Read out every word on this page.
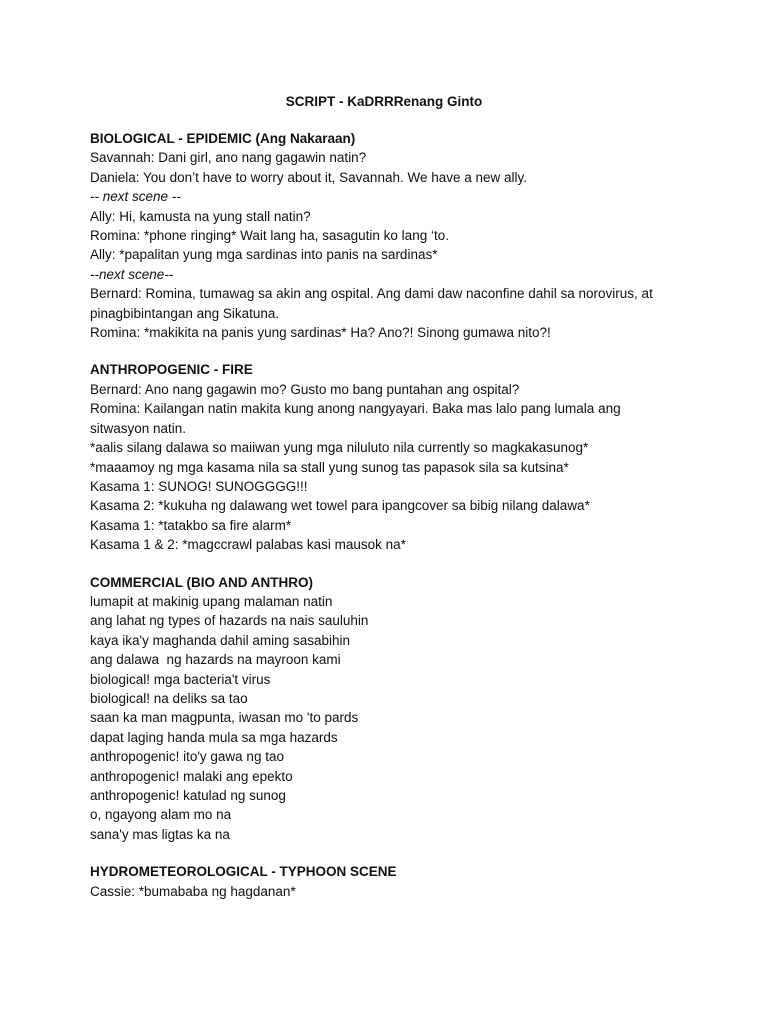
SCRIPT - KaDRRRenang Ginto
BIOLOGICAL - EPIDEMIC (Ang Nakaraan)
Savannah: Dani girl, ano nang gagawin natin?
Daniela: You don’t have to worry about it, Savannah. We have a new ally.
-- next scene --
Ally: Hi, kamusta na yung stall natin?
Romina: *phone ringing* Wait lang ha, sasagutin ko lang ‘to.
Ally: *papalitan yung mga sardinas into panis na sardinas*
--next scene--
Bernard: Romina, tumawag sa akin ang ospital. Ang dami daw naconfine dahil sa norovirus, at
pinagbibintangan ang Sikatuna.
Romina: *makikita na panis yung sardinas* Ha? Ano?! Sinong gumawa nito?!
ANTHROPOGENIC - FIRE
Bernard: Ano nang gagawin mo? Gusto mo bang puntahan ang ospital?
Romina: Kailangan natin makita kung anong nangyayari. Baka mas lalo pang lumala ang
sitwasyon natin.
*aalis silang dalawa so maiiwan yung mga niluluto nila currently so magkakasunog*
*maaamoy ng mga kasama nila sa stall yung sunog tas papasok sila sa kutsina*
Kasama 1: SUNOG! SUNOGGGG!!!
Kasama 2: *kukuha ng dalawang wet towel para ipangcover sa bibig nilang dalawa*
Kasama 1: *tatakbo sa fire alarm*
Kasama 1 & 2: *magccrawl palabas kasi mausok na*
COMMERCIAL (BIO AND ANTHRO)
lumapit at makinig upang malaman natin
ang lahat ng types of hazards na nais sauluhin
kaya ika'y maghanda dahil aming sasabihin
ang dalawa  ng hazards na mayroon kami
biological! mga bacteria't virus
biological! na deliks sa tao
saan ka man magpunta, iwasan mo 'to pards
dapat laging handa mula sa mga hazards
anthropogenic! ito'y gawa ng tao
anthropogenic! malaki ang epekto
anthropogenic! katulad ng sunog
o, ngayong alam mo na
sana'y mas ligtas ka na
HYDROMETEOROLOGICAL - TYPHOON SCENE
Cassie: *bumababa ng hagdanan*
